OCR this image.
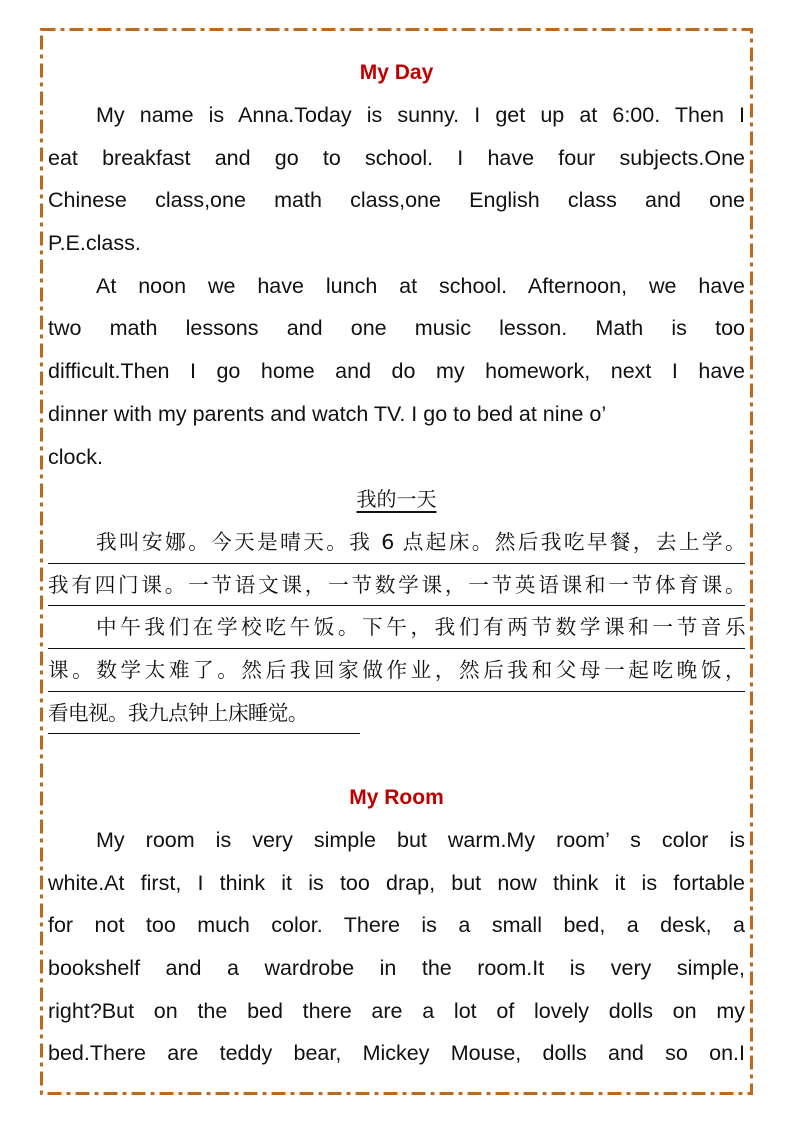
My Day
My name is Anna.Today is sunny. I get up at 6:00. Then I
eat breakfast and go to school. I have four subjects.One
Chinese class,one math class,one English class and one
P.E.class.
At noon we have lunch at school. Afternoon, we have
two math lessons and one music lesson. Math is too
difficult.Then I go home and do my homework, next I have
dinner with my parents and watch TV. I go to bed at nine o’
clock.
我的一天
我叫安娜。今天是晴天。我 6 点起床。然后我吃早餐，去上学。
我有四门课。一节语文课，一节数学课，一节英语课和一节体育课。
中午我们在学校吃午饭。下午，我们有两节数学课和一节音乐
课。数学太难了。然后我回家做作业，然后我和父母一起吃晚饭，
看电视。我九点钟上床睡觉。
My Room
My room is very simple but warm.My room’ s color is
white.At first, I think it is too drap, but now think it is fortable
for not too much color. There is a small bed, a desk, a
bookshelf and a wardrobe in the room.It is very simple,
right?But on the bed there are a lot of lovely dolls on my
bed.There are teddy bear, Mickey Mouse, dolls and so on.I
